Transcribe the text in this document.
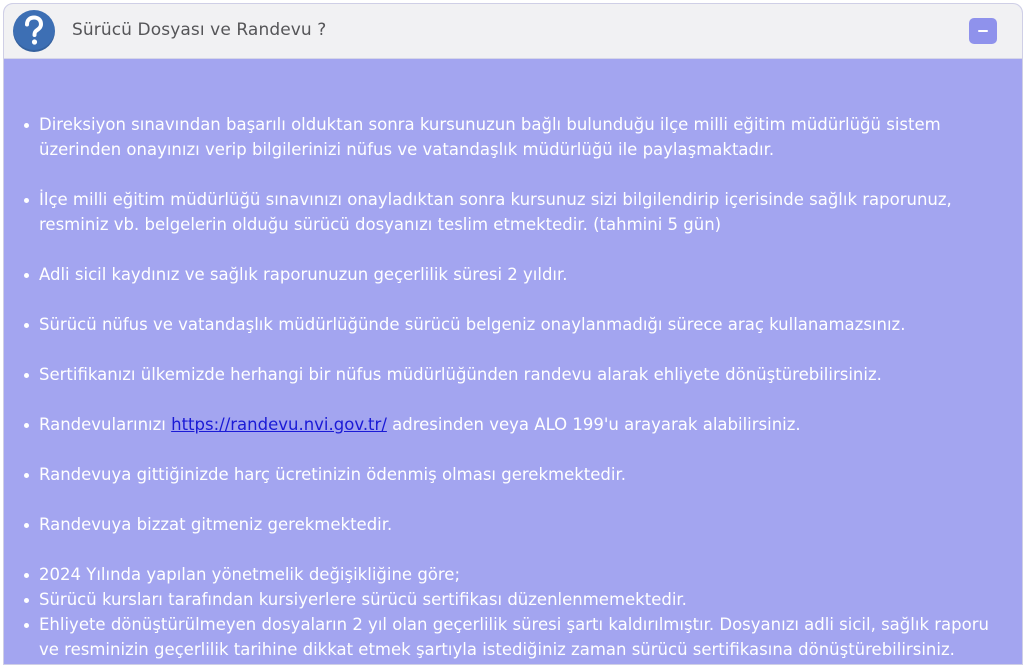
Sürücü Dosyası ve Randevu ?
Direksiyon sınavından başarılı olduktan sonra kursunuzun bağlı bulunduğu ilçe milli eğitim müdürlüğü sistem üzerinden onayınızı verip bilgilerinizi nüfus ve vatandaşlık müdürlüğü ile paylaşmaktadır.
İlçe milli eğitim müdürlüğü sınavınızı onayladıktan sonra kursunuz sizi bilgilendirip içerisinde sağlık raporunuz, resminiz vb. belgelerin olduğu sürücü dosyanızı teslim etmektedir. (tahmini 5 gün)
Adli sicil kaydınız ve sağlık raporunuzun geçerlilik süresi 2 yıldır.
Sürücü nüfus ve vatandaşlık müdürlüğünde sürücü belgeniz onaylanmadığı sürece araç kullanamazsınız.
Sertifikanızı ülkemizde herhangi bir nüfus müdürlüğünden randevu alarak ehliyete dönüştürebilirsiniz.
Randevularınızı https://randevu.nvi.gov.tr/ adresinden veya ALO 199'u arayarak alabilirsiniz.
Randevuya gittiğinizde harç ücretinizin ödenmiş olması gerekmektedir.
Randevuya bizzat gitmeniz gerekmektedir.
2024 Yılında yapılan yönetmelik değişikliğine göre;
Sürücü kursları tarafından kursiyerlere sürücü sertifikası düzenlenmemektedir.
Ehliyete dönüştürülmeyen dosyaların 2 yıl olan geçerlilik süresi şartı kaldırılmıştır. Dosyanızı adli sicil, sağlık raporu ve resminizin geçerlilik tarihine dikkat etmek şartıyla istediğiniz zaman sürücü sertifikasına dönüştürebilirsiniz.
